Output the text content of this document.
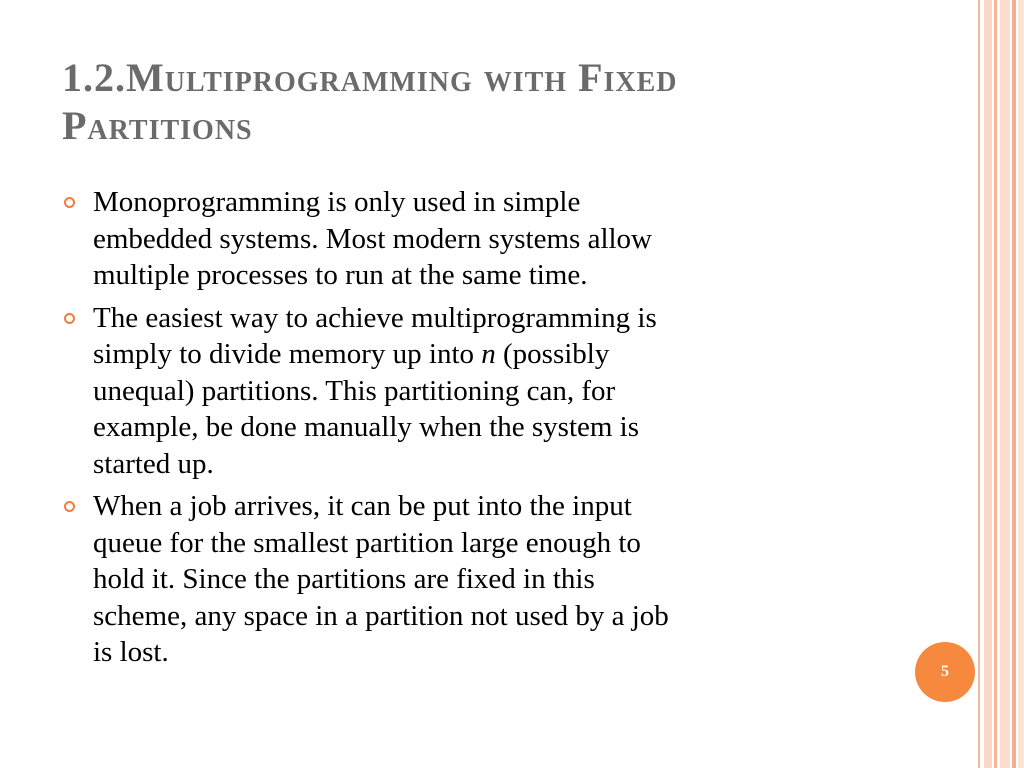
1.2.Multiprogramming with Fixed
Partitions
Monoprogramming is only used in simple
embedded systems. Most modern systems allow
multiple processes to run at the same time.
The easiest way to achieve multiprogramming is
simply to divide memory up into n (possibly
unequal) partitions. This partitioning can, for
example, be done manually when the system is
started up.
When a job arrives, it can be put into the input
queue for the smallest partition large enough to
hold it. Since the partitions are fixed in this
scheme, any space in a partition not used by a job
is lost.
5
